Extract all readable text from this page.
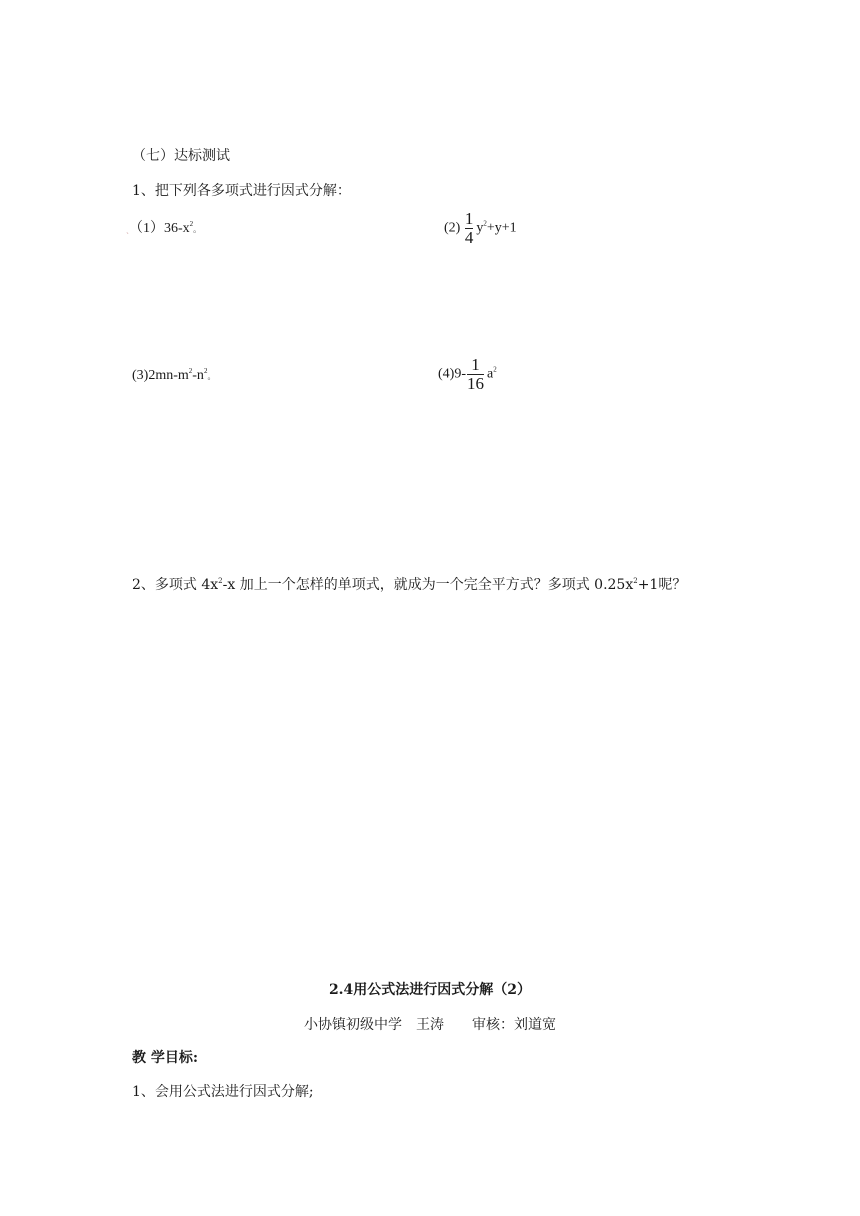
（七）达标测试
1、把下列各多项式进行因式分解：
$ˎ(1)36-x^2$。	$(2) \frac{1}{4} y^2+y+1$
$(3)2mn-m^2-n^2$。	$(4)9- \frac{1}{16} a^2$
2、多项式 $4x^2-x$ 加上一个怎样的单项式，就成为一个完全平方式？多项式 $0.25x^2+1$呢？
2.4用公式法进行因式分解（2）
小协镇初级中学　王涛　　审核：刘道宽
教 学目标:
1、会用公式法进行因式分解;
